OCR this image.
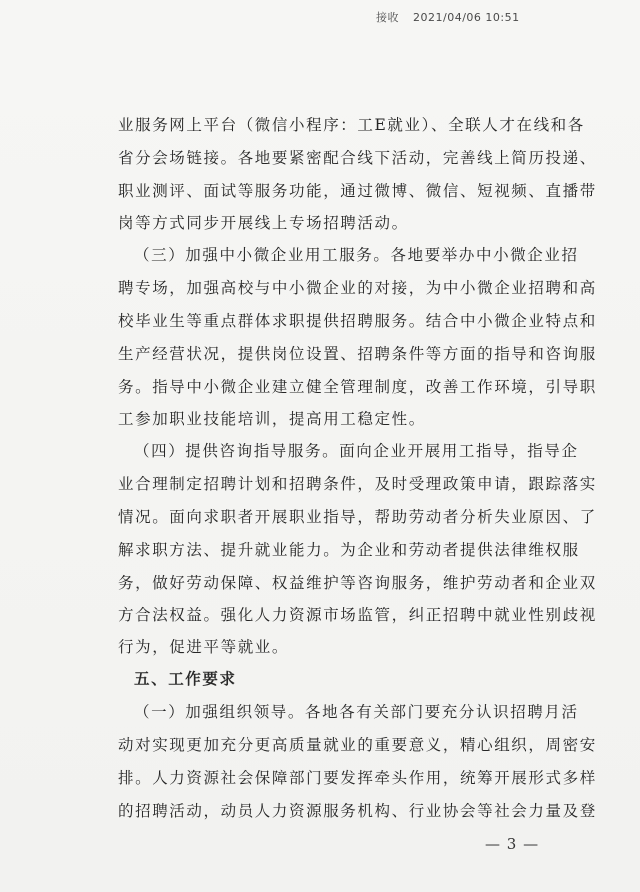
接收 2021/04/06 10:51
业服务网上平台（微信小程序：工E就业）、全联人才在线和各
省分会场链接。各地要紧密配合线下活动，完善线上简历投递、
职业测评、面试等服务功能，通过微博、微信、短视频、直播带
岗等方式同步开展线上专场招聘活动。
（三）加强中小微企业用工服务。各地要举办中小微企业招
聘专场，加强高校与中小微企业的对接，为中小微企业招聘和高
校毕业生等重点群体求职提供招聘服务。结合中小微企业特点和
生产经营状况，提供岗位设置、招聘条件等方面的指导和咨询服
务。指导中小微企业建立健全管理制度，改善工作环境，引导职
工参加职业技能培训，提高用工稳定性。
（四）提供咨询指导服务。面向企业开展用工指导，指导企
业合理制定招聘计划和招聘条件，及时受理政策申请，跟踪落实
情况。面向求职者开展职业指导，帮助劳动者分析失业原因、了
解求职方法、提升就业能力。为企业和劳动者提供法律维权服
务，做好劳动保障、权益维护等咨询服务，维护劳动者和企业双
方合法权益。强化人力资源市场监管，纠正招聘中就业性别歧视
行为，促进平等就业。
五、工作要求
（一）加强组织领导。各地各有关部门要充分认识招聘月活
动对实现更加充分更高质量就业的重要意义，精心组织，周密安
排。人力资源社会保障部门要发挥牵头作用，统筹开展形式多样
的招聘活动，动员人力资源服务机构、行业协会等社会力量及登
— 3 —
